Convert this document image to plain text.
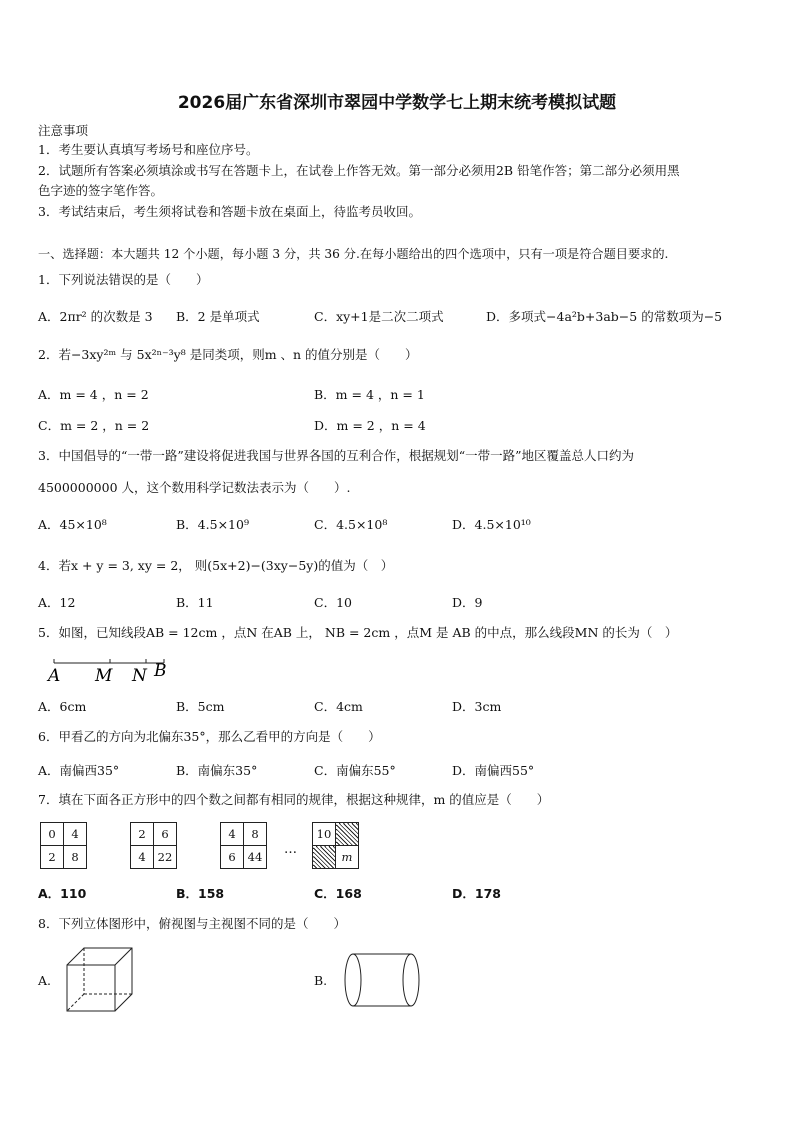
2026届广东省深圳市翠园中学数学七上期末统考模拟试题
注意事项
1．考生要认真填写考场号和座位序号。
2．试题所有答案必须填涂或书写在答题卡上，在试卷上作答无效。第一部分必须用2B 铅笔作答；第二部分必须用黑
色字迹的签字笔作答。
3．考试结束后，考生须将试卷和答题卡放在桌面上，待监考员收回。
一、选择题：本大题共 12 个小题，每小题 3 分，共 36 分.在每小题给出的四个选项中，只有一项是符合题目要求的.
1．下列说法错误的是（　　）
A．2πr² 的次数是 3 B．2 是单项式	C．xy+1是二次二项式	D．多项式−4a²b+3ab−5 的常数项为−5
2．若−3xy²ᵐ 与 5x²ⁿ⁻³y⁸ 是同类项，则m 、n 的值分别是（　　）
A．m = 4 ，n = 2	B．m = 4 ，n = 1
C．m = 2 ，n = 2	D．m = 2 ，n = 4
3．中国倡导的“一带一路”建设将促进我国与世界各国的互利合作，根据规划“一带一路”地区覆盖总人口约为
4500000000 人，这个数用科学记数法表示为（　　）.
A．45×10⁸	B．4.5×10⁹	C．4.5×10⁸	D．4.5×10¹⁰
4．若x + y = 3, xy = 2， 则(5x+2)−(3xy−5y)的值为（　）
A．12	B．11	C．10	D．9
5．如图，已知线段AB = 12cm ，点N 在AB 上， NB = 2cm ，点M 是 AB 的中点，那么线段MN 的长为（　）
A M N B
A．6cm	B．5cm	C．4cm	D．3cm
6．甲看乙的方向为北偏东35°，那么乙看甲的方向是（　　）
A．南偏西35°	B．南偏东35°	C．南偏东55°	D．南偏西55°
7．填在下面各正方形中的四个数之间都有相同的规律，根据这种规律，m 的值应是（　　）
0	4
2	8
2	6
4	22
4	8
6	44 …
10	
	m
A．110	B．158	C．168	D．178
8．下列立体图形中，俯视图与主视图不同的是（　　）
A.	B.
